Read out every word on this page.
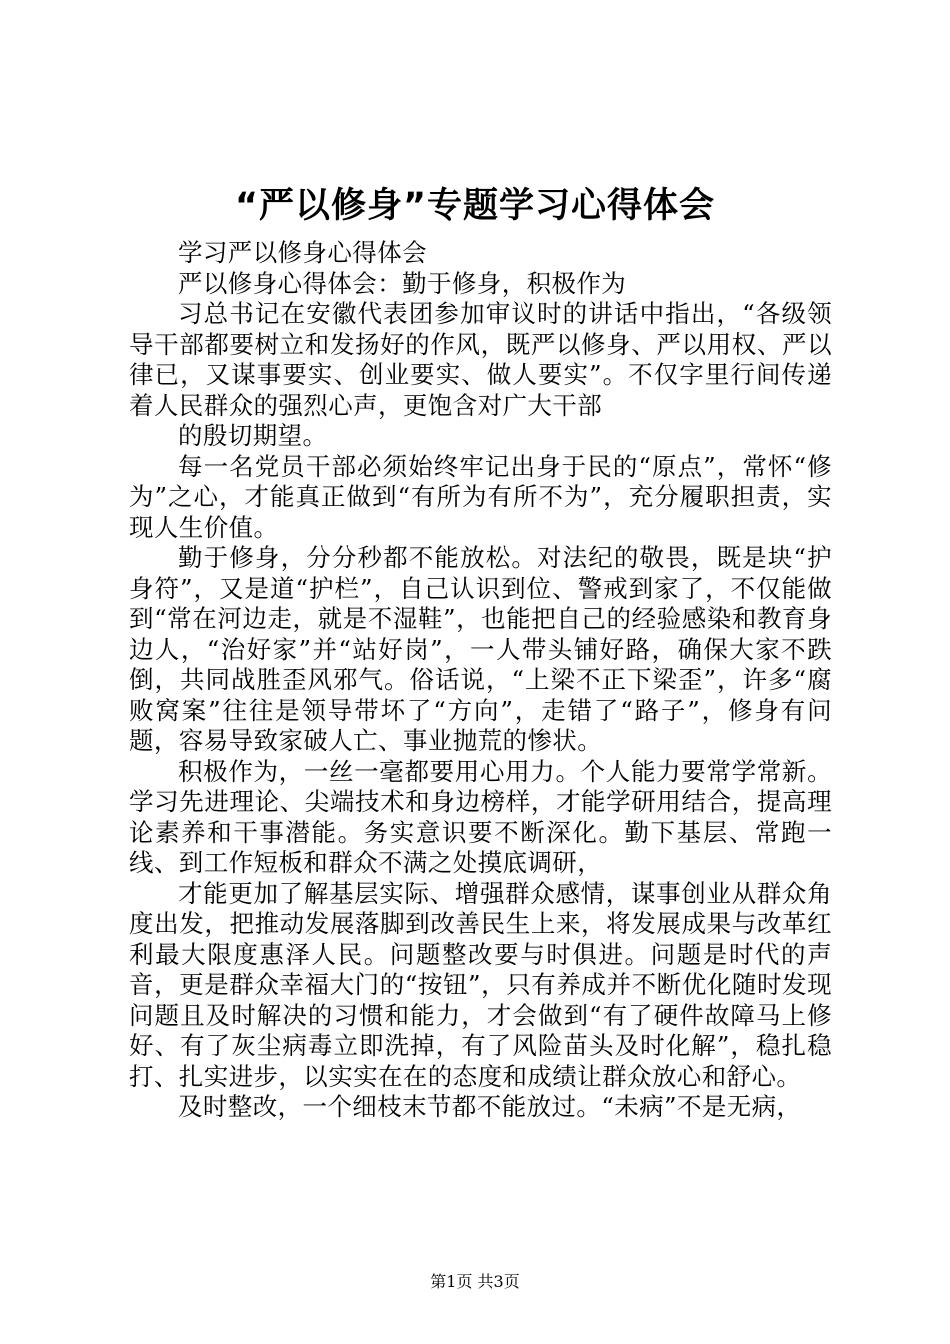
“严以修身”专题学习心得体会

学习严以修身心得体会

严以修身心得体会：勤于修身，积极作为

习总书记在安徽代表团参加审议时的讲话中指出，“各级领导干部都要树立和发扬好的作风，既严以修身、严以用权、严以律已，又谋事要实、创业要实、做人要实”。不仅字里行间传递着人民群众的强烈心声，更饱含对广大干部

的殷切期望。

每一名党员干部必须始终牢记出身于民的“原点”，常怀“修为”之心，才能真正做到“有所为有所不为”，充分履职担责，实现人生价值。

勤于修身，分分秒都不能放松。对法纪的敬畏，既是块“护身符”，又是道“护栏”，自己认识到位、警戒到家了，不仅能做到“常在河边走，就是不湿鞋”，也能把自己的经验感染和教育身边人，“治好家”并“站好岗”，一人带头铺好路，确保大家不跌倒，共同战胜歪风邪气。俗话说，“上梁不正下梁歪”，许多“腐败窝案”往往是领导带坏了“方向”，走错了“路子”，修身有问题，容易导致家破人亡、事业抛荒的惨状。

积极作为，一丝一毫都要用心用力。个人能力要常学常新。学习先进理论、尖端技术和身边榜样，才能学研用结合，提高理论素养和干事潜能。务实意识要不断深化。勤下基层、常跑一线、到工作短板和群众不满之处摸底调研，

才能更加了解基层实际、增强群众感情，谋事创业从群众角度出发，把推动发展落脚到改善民生上来，将发展成果与改革红利最大限度惠泽人民。问题整改要与时俱进。问题是时代的声音，更是群众幸福大门的“按钮”，只有养成并不断优化随时发现问题且及时解决的习惯和能力，才会做到“有了硬件故障马上修好、有了灰尘病毒立即洗掉，有了风险苗头及时化解”，稳扎稳打、扎实进步，以实实在在的态度和成绩让群众放心和舒心。

及时整改，一个细枝末节都不能放过。“未病”不是无病，

第1页 共3页
